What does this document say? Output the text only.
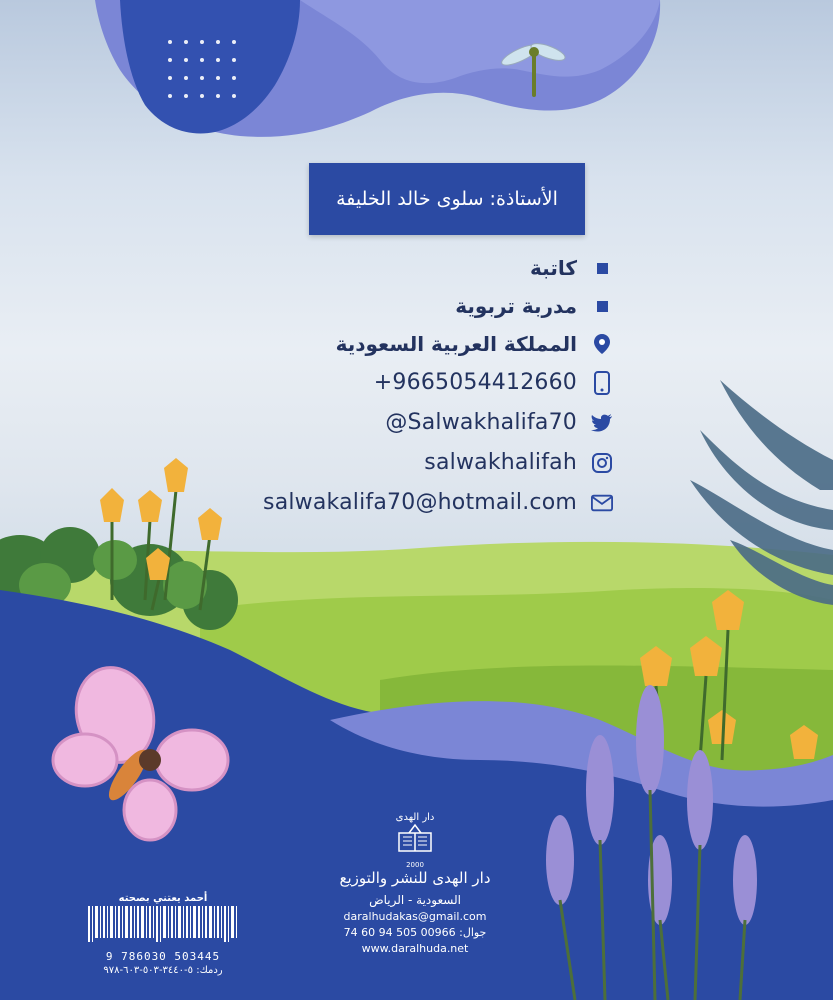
الأستاذة: سلوى خالد الخليفة
كاتبة
مدربة تربوية
المملكة العربية السعودية
+9665054412660
@Salwakhalifa70
salwakhalifah
salwakalifa70@hotmail.com
دار الهدى
2000
دار الهدى للنشر والتوزيع
السعودية - الرياض
daralhudakas@gmail.com
جوال: 00966 505 94 60 74
www.daralhuda.net
أحمد يعتني بصحته
9 786030 503445
ردمك: ٥-٣٤٤٠-٥٠٣-٦٠٣-٩٧٨
